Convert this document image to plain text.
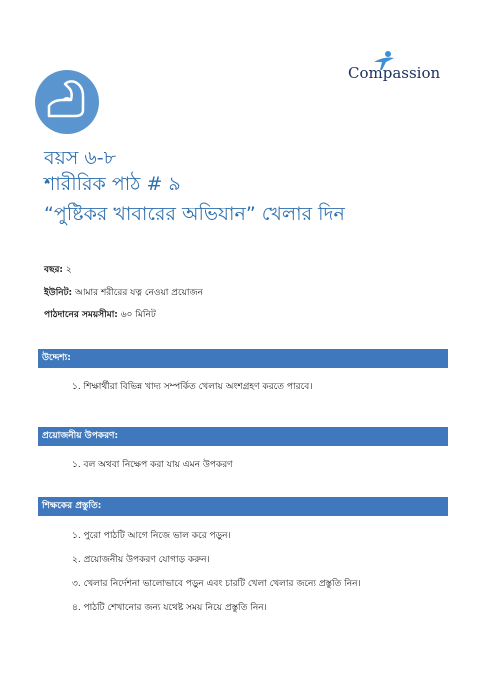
Compassion
বয়স ৬-৮
শারীরিক পাঠ # ৯
“পুষ্টিকর খাবারের অভিযান” খেলার দিন
বছর: ২
ইউনিট: আমার শরীরের যত্ন নেওয়া প্রয়োজন
পাঠদানের সময়সীমা: ৬০ মিনিট
উদ্দেশ্য:
১. শিক্ষার্থীরা বিভিন্ন খাদ্য সম্পর্কিত খেলায় অংশগ্রহণ করতে পারবে।
প্রয়োজনীয় উপকরণ:
১. বল অথবা নিক্ষেপ করা যায় এমন উপকরণ
শিক্ষকের প্রস্তুতি:
১. পুরো পাঠটি আগে নিজে ভাল করে পড়ুন।
২. প্রয়োজনীয় উপকরণ যোগাড় করুন।
৩. খেলার নির্দেশনা ভালোভাবে পড়ুন এবং চারটি খেলা খেলার জন্যে প্রস্তুতি নিন।
৪. পাঠটি শেখানোর জন্য যথেষ্ট সময় নিয়ে প্রস্তুতি নিন।
